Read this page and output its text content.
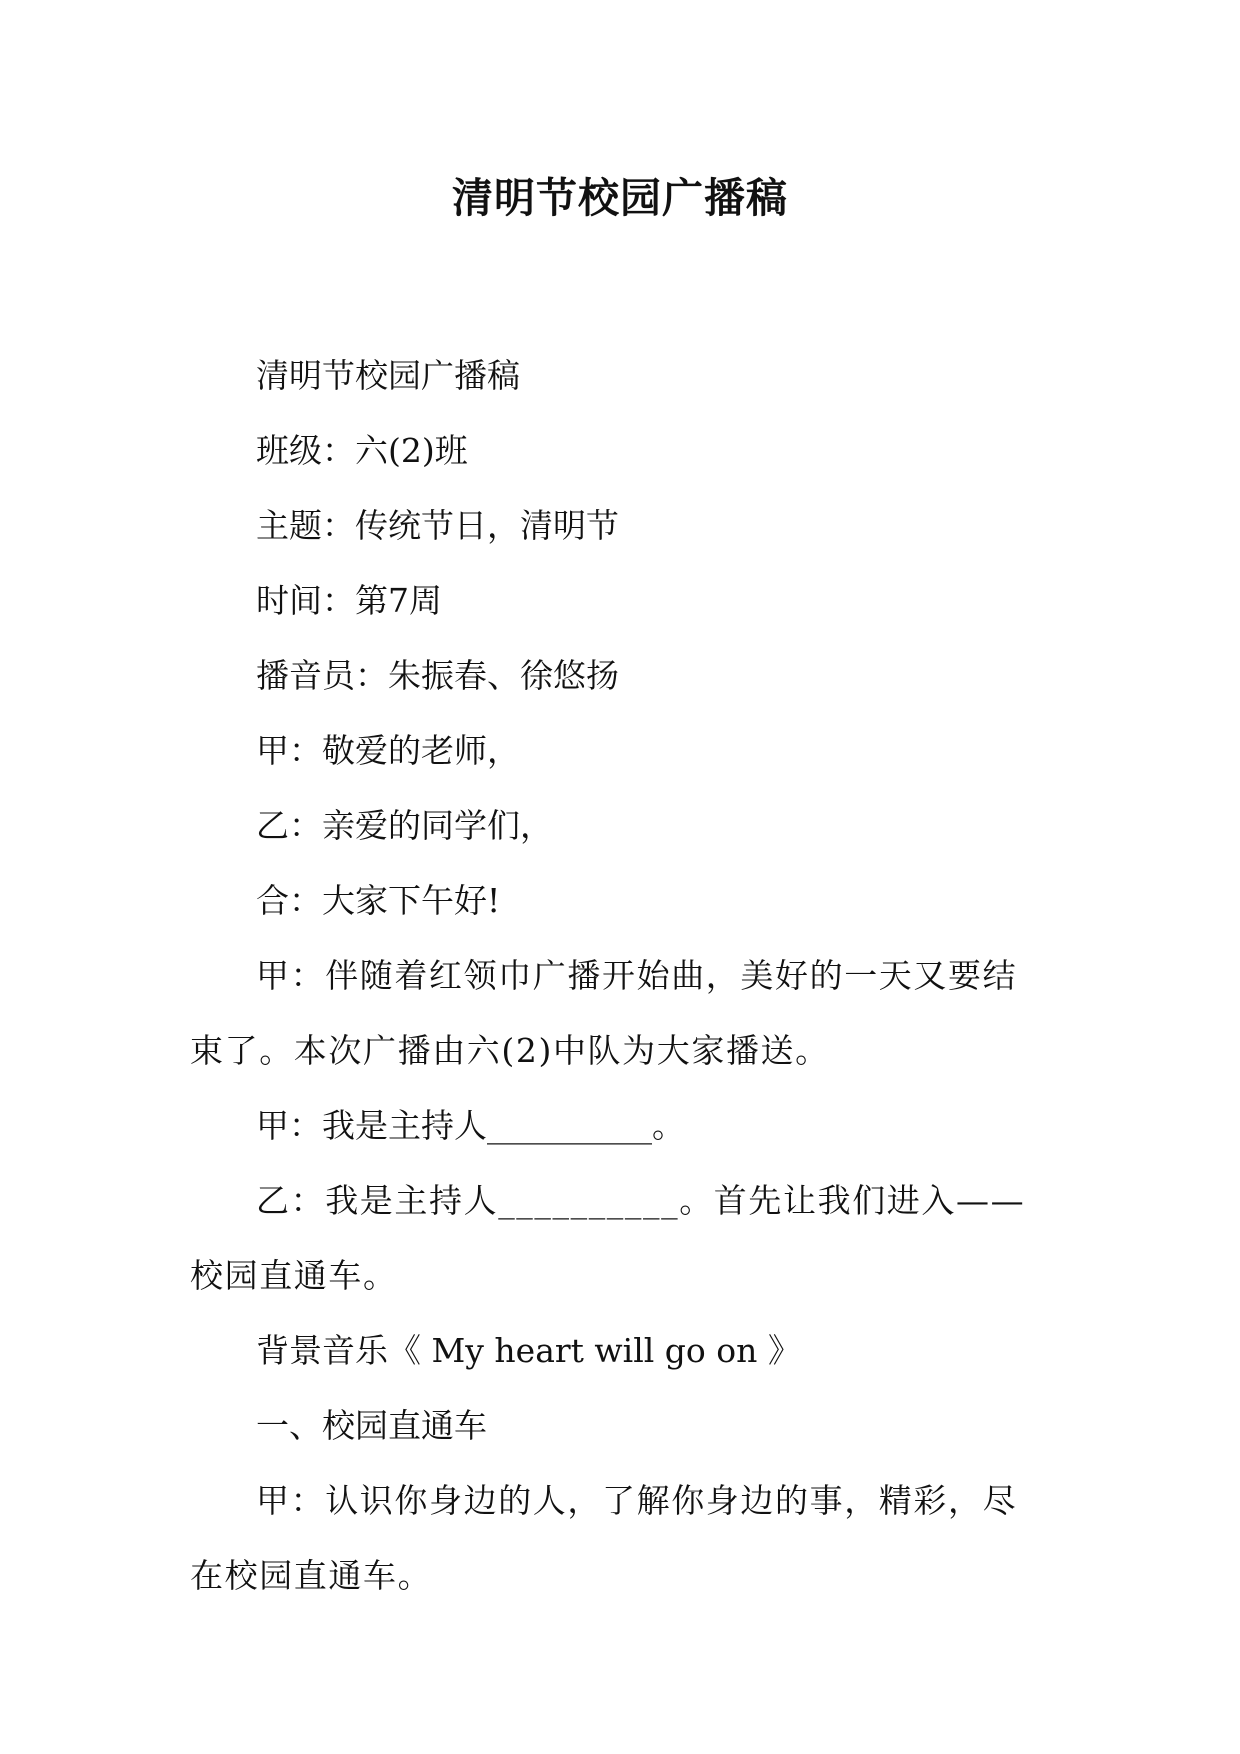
清明节校园广播稿

清明节校园广播稿

班级：六(2)班

主题：传统节日，清明节

时间：第7周

播音员：朱振春、徐悠扬

甲：敬爱的老师，

乙：亲爱的同学们，

合：大家下午好!

甲：伴随着红领巾广播开始曲，美好的一天又要结束了。本次广播由六(2)中队为大家播送。

甲：我是主持人__________。

乙：我是主持人__________。首先让我们进入——校园直通车。

背景音乐《 My heart will go on 》

一、校园直通车

甲：认识你身边的人，了解你身边的事，精彩，尽在校园直通车。
